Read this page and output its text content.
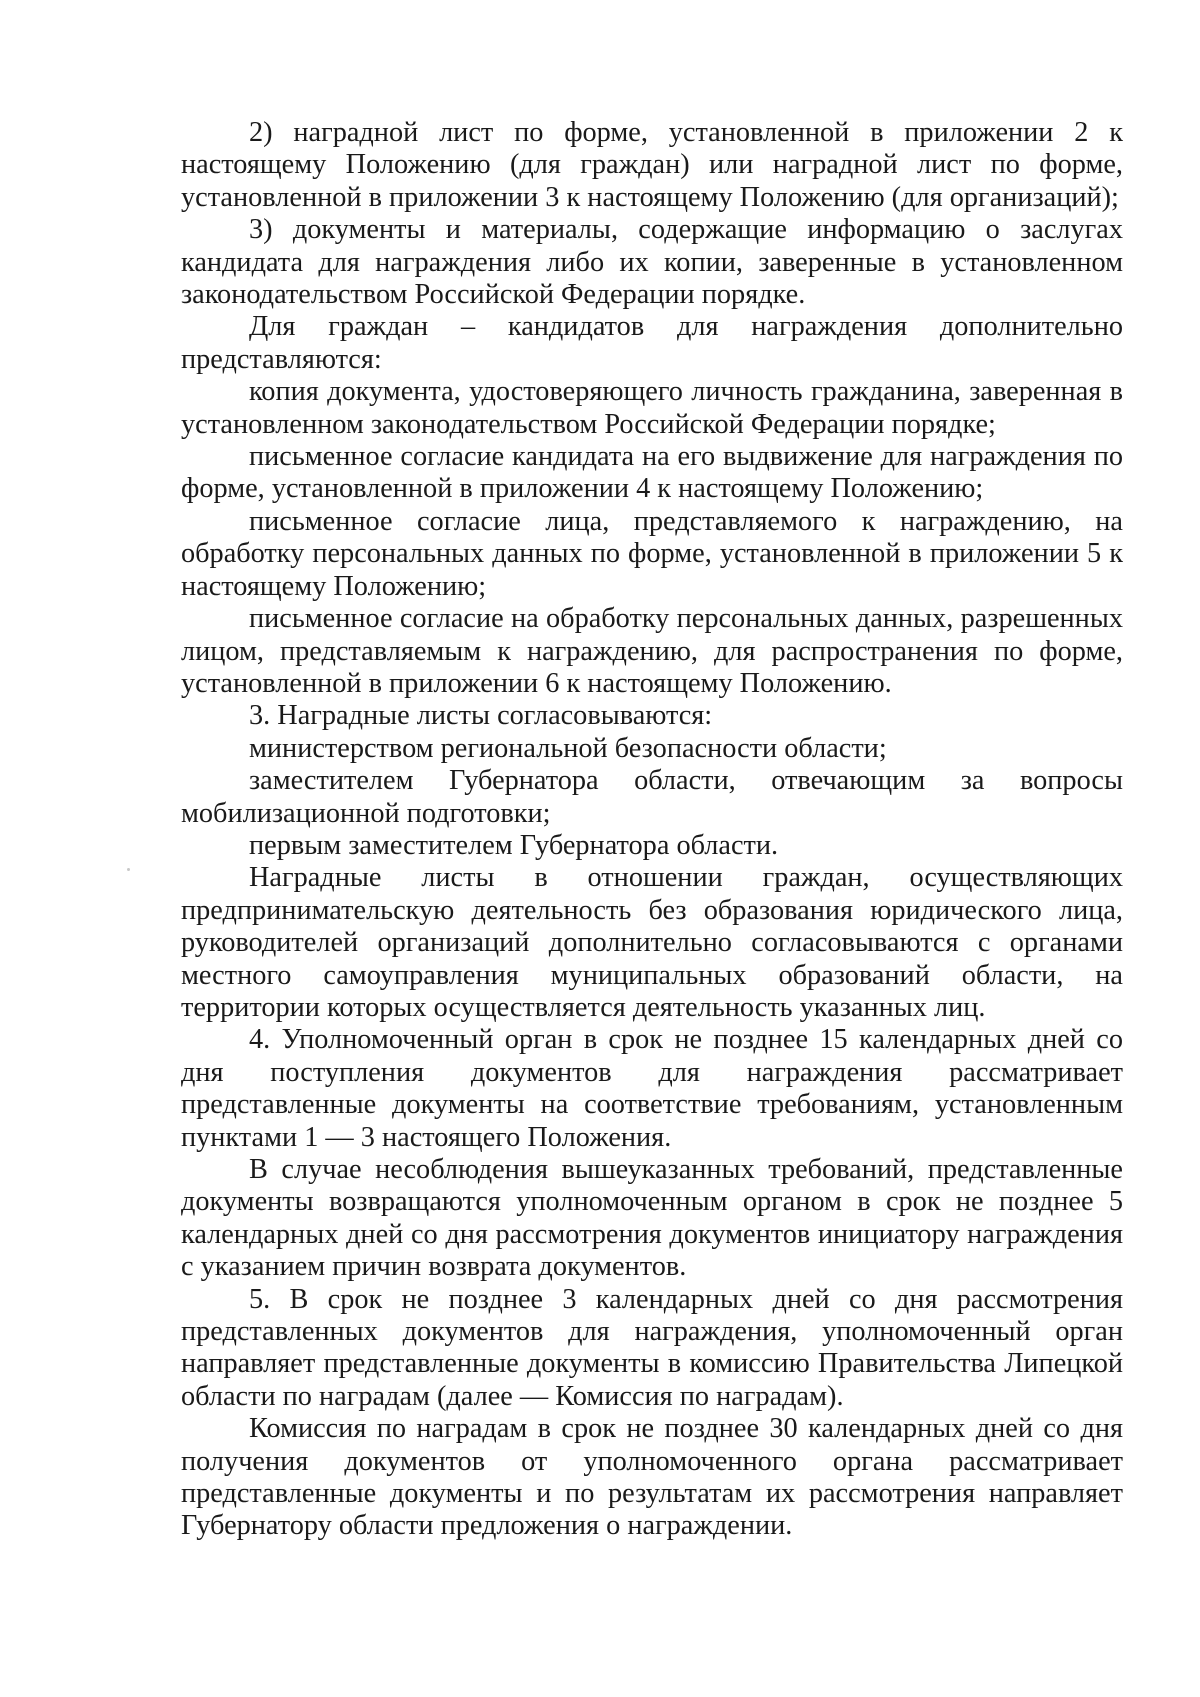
2) наградной лист по форме, установленной в приложении 2 к настоящему Положению (для граждан) или наградной лист по форме, установленной в приложении 3 к настоящему Положению (для организаций);

3) документы и материалы, содержащие информацию о заслугах кандидата для награждения либо их копии, заверенные в установленном законодательством Российской Федерации порядке.

Для граждан – кандидатов для награждения дополнительно представляются:

копия документа, удостоверяющего личность гражданина, заверенная в установленном законодательством Российской Федерации порядке;

письменное согласие кандидата на его выдвижение для награждения по форме, установленной в приложении 4 к настоящему Положению;

письменное согласие лица, представляемого к награждению, на обработку персональных данных по форме, установленной в приложении 5 к настоящему Положению;

письменное согласие на обработку персональных данных, разрешенных лицом, представляемым к награждению, для распространения по форме, установленной в приложении 6 к настоящему Положению.

3. Наградные листы согласовываются:

министерством региональной безопасности области;

заместителем Губернатора области, отвечающим за вопросы мобилизационной подготовки;

первым заместителем Губернатора области.

Наградные листы в отношении граждан, осуществляющих предпринимательскую деятельность без образования юридического лица, руководителей организаций дополнительно согласовываются с органами местного самоуправления муниципальных образований области, на территории которых осуществляется деятельность указанных лиц.

4. Уполномоченный орган в срок не позднее 15 календарных дней со дня поступления документов для награждения рассматривает представленные документы на соответствие требованиям, установленным пунктами 1 — 3 настоящего Положения.

В случае несоблюдения вышеуказанных требований, представленные документы возвращаются уполномоченным органом в срок не позднее 5 календарных дней со дня рассмотрения документов инициатору награждения с указанием причин возврата документов.

5. В срок не позднее 3 календарных дней со дня рассмотрения представленных документов для награждения, уполномоченный орган направляет представленные документы в комиссию Правительства Липецкой области по наградам (далее — Комиссия по наградам).

Комиссия по наградам в срок не позднее 30 календарных дней со дня получения документов от уполномоченного органа рассматривает представленные документы и по результатам их рассмотрения направляет Губернатору области предложения о награждении.
